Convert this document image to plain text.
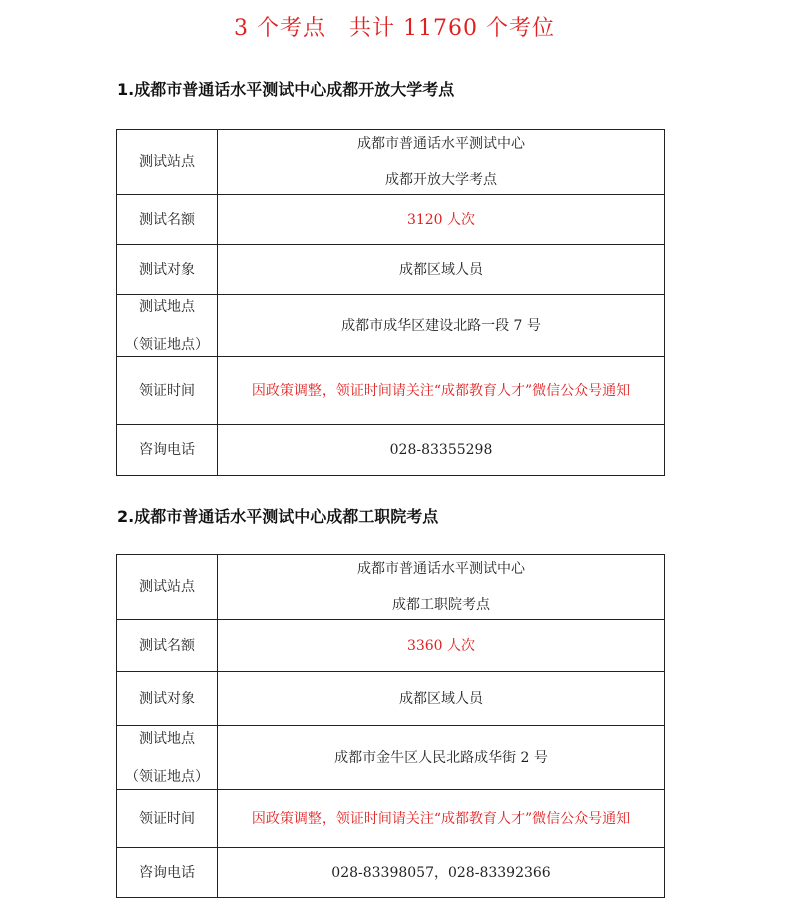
3 个考点　共计 11760 个考位
1.成都市普通话水平测试中心成都开放大学考点
测试站点	成都市普通话水平测试中心
成都开放大学考点

测试名额	3120 人次
测试对象	成都区域人员
测试地点
（领证地点）	成都市成华区建设北路一段 7 号
领证时间	因政策调整，领证时间请关注“成都教育人才”微信公众号通知
咨询电话	028-83355298
2.成都市普通话水平测试中心成都工职院考点
测试站点	成都市普通话水平测试中心
成都工职院考点

测试名额	3360 人次
测试对象	成都区域人员
测试地点
（领证地点）	成都市金牛区人民北路成华街 2 号
领证时间	因政策调整，领证时间请关注“成都教育人才”微信公众号通知
咨询电话	028-83398057，028-83392366
